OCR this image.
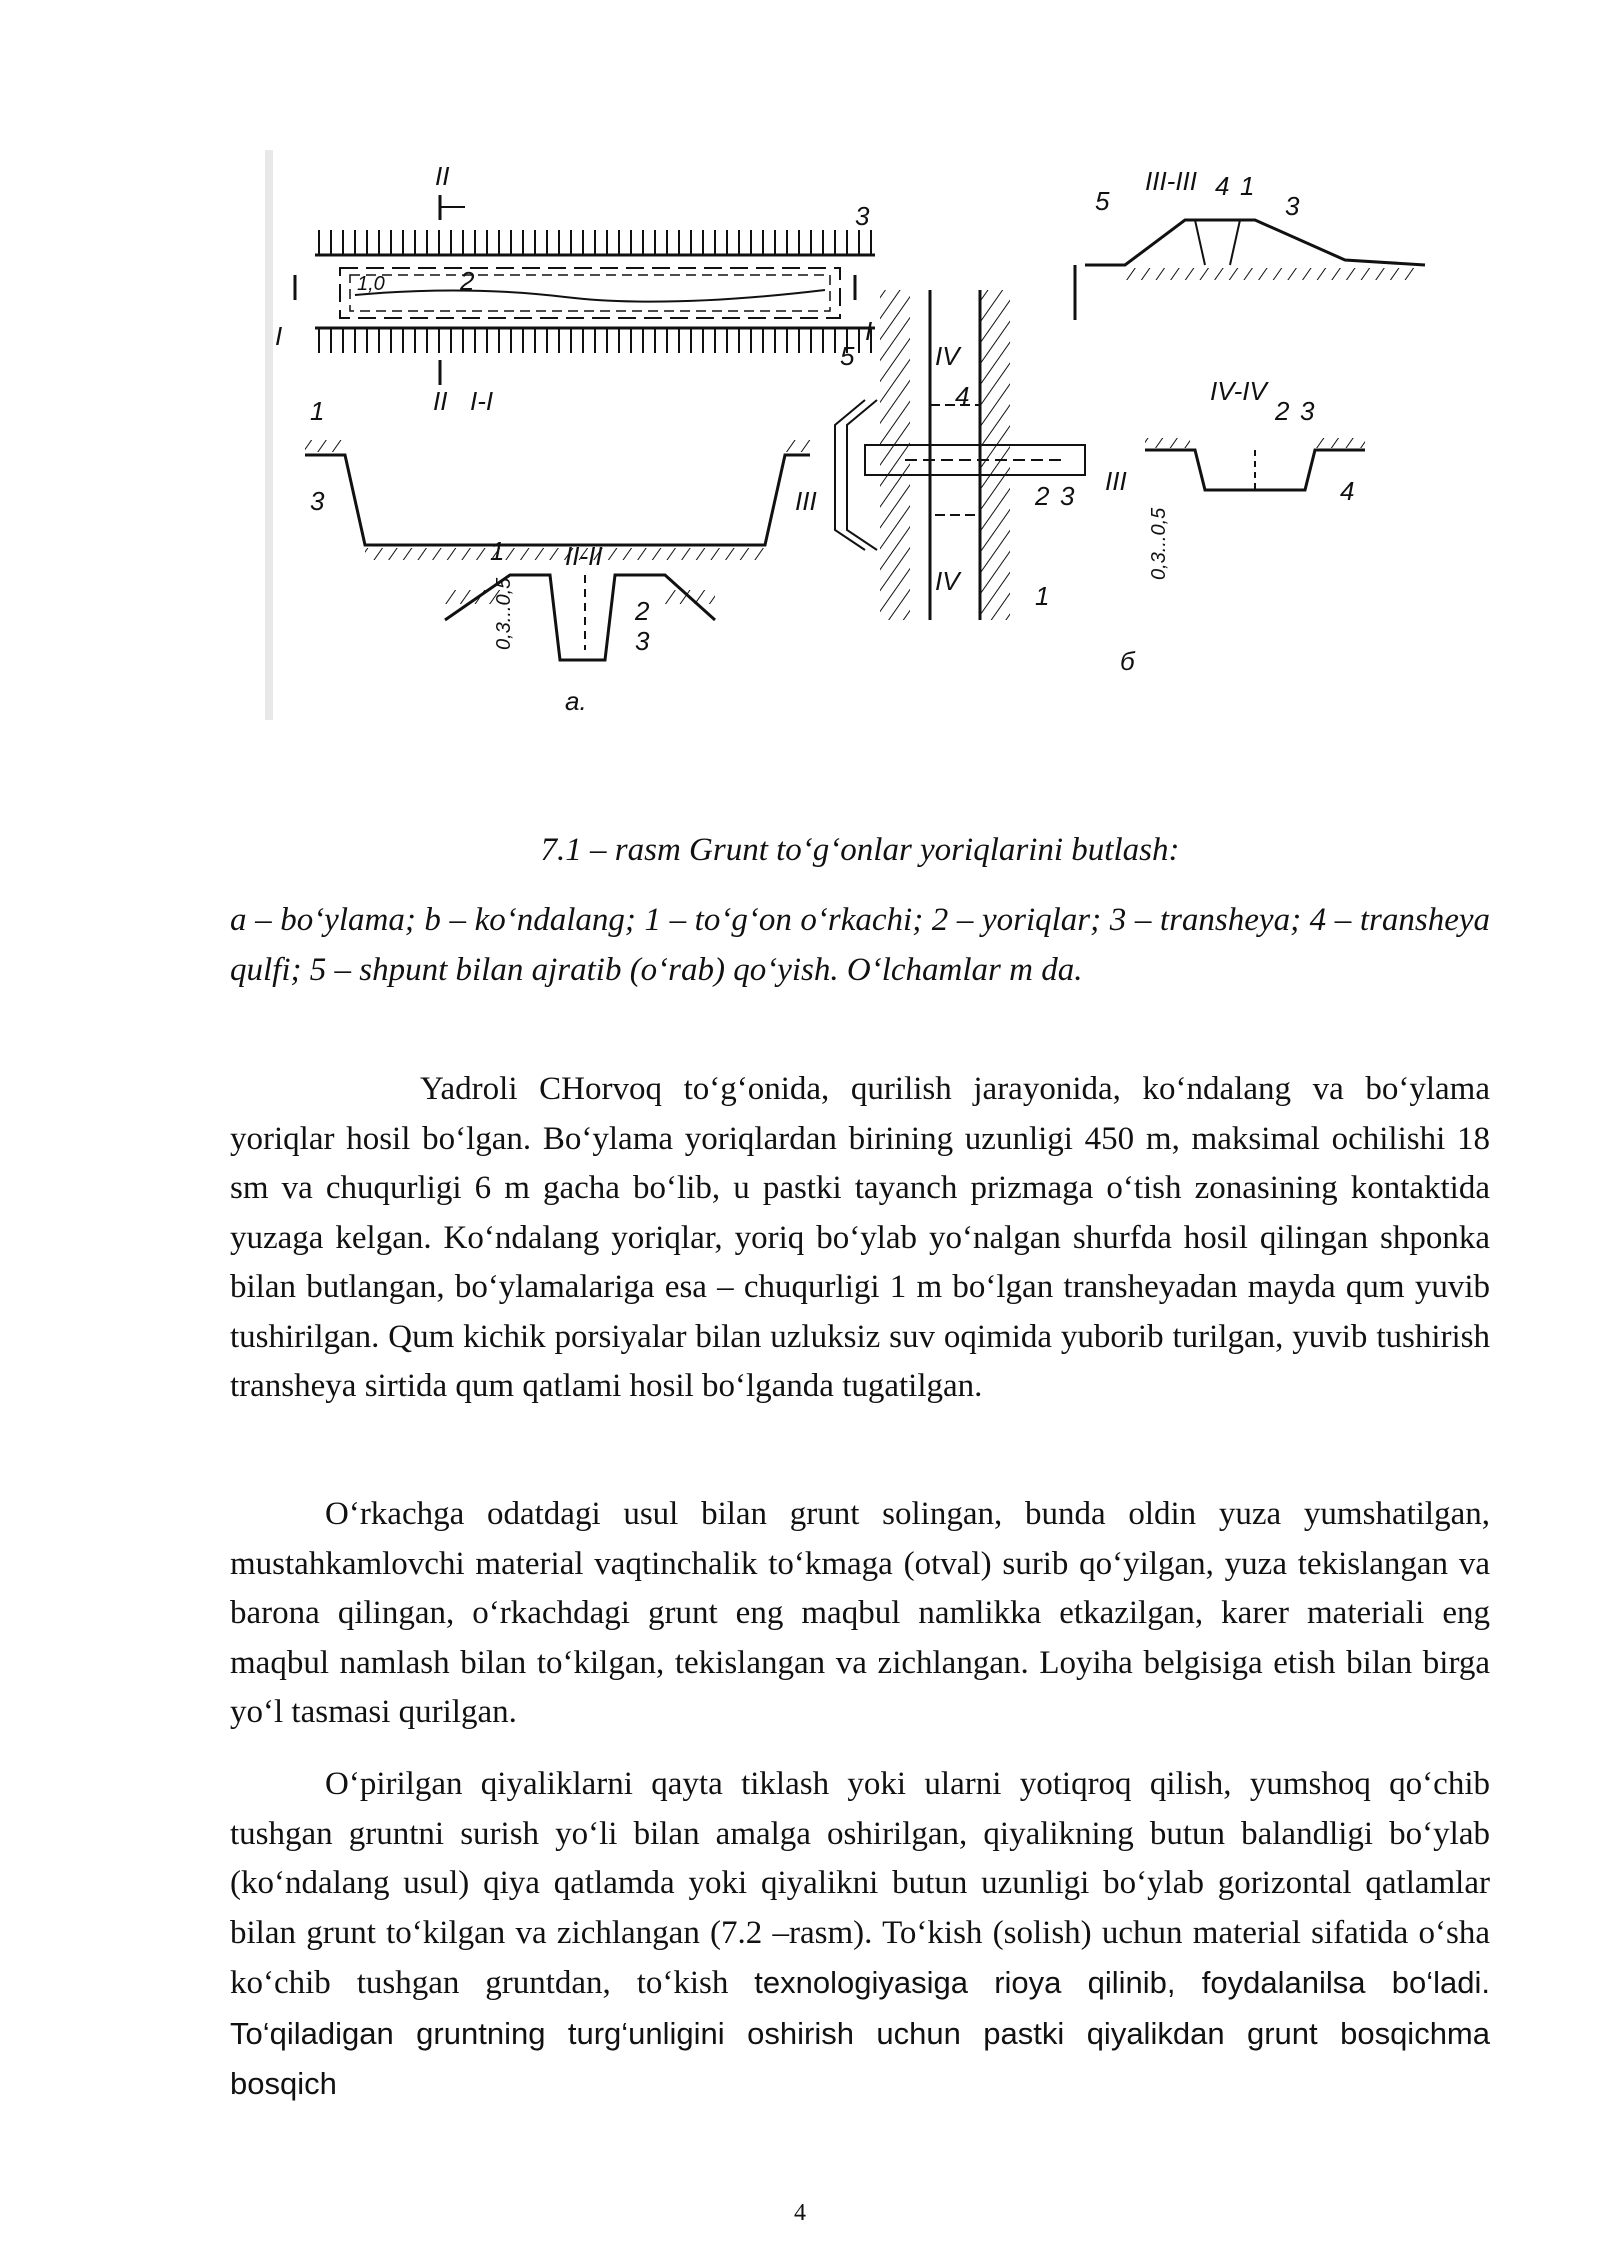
1,0	2
3
II
II I-I
I	I
1
3	III
II-II
0,3...0,5
1
2
3
a.
5	IV
4
2 3 III
IV	1
III-III
5	4 1
3
IV-IV
2 3
4
0,3...0,5
б
7.1 – rasm Grunt to‘g‘onlar yoriqlarini butlash:
a – bo‘ylama; b – ko‘ndalang; 1 – to‘g‘on o‘rkachi; 2 – yoriqlar; 3 – transheya; 4 – transheya qulfi; 5 – shpunt bilan ajratib (o‘rab) qo‘yish. O‘lchamlar m da.
Yadroli CHorvoq to‘g‘onida, qurilish jarayonida, ko‘ndalang va bo‘ylama yoriqlar hosil bo‘lgan. Bo‘ylama yoriqlardan birining uzunligi 450 m, maksimal ochilishi 18 sm va chuqurligi 6 m gacha bo‘lib, u pastki tayanch prizmaga o‘tish zonasining kontaktida yuzaga kelgan. Ko‘ndalang yoriqlar, yoriq bo‘ylab yo‘nalgan shurfda hosil qilingan shponka bilan butlangan, bo‘ylamalariga esa – chuqurligi 1 m bo‘lgan transheyadan mayda qum yuvib tushirilgan. Qum kichik porsiyalar bilan uzluksiz suv oqimida yuborib turilgan, yuvib tushirish transheya sirtida qum qatlami hosil bo‘lganda tugatilgan.
O‘rkachga odatdagi usul bilan grunt solingan, bunda oldin yuza yumshatilgan, mustahkamlovchi material vaqtinchalik to‘kmaga (otval) surib qo‘yilgan, yuza tekislangan va barona qilingan, o‘rkachdagi grunt eng maqbul namlikka etkazilgan, karer materiali eng maqbul namlash bilan to‘kilgan, tekislangan va zichlangan. Loyiha belgisiga etish bilan birga yo‘l tasmasi qurilgan.
O‘pirilgan qiyaliklarni qayta tiklash yoki ularni yotiqroq qilish, yumshoq qo‘chib tushgan gruntni surish yo‘li bilan amalga oshirilgan, qiyalikning butun balandligi bo‘ylab (ko‘ndalang usul) qiya qatlamda yoki qiyalikni butun uzunligi bo‘ylab gorizontal qatlamlar bilan grunt to‘kilgan va zichlangan (7.2 –rasm). To‘kish (solish) uchun material sifatida o‘sha ko‘chib tushgan gruntdan, to‘kish texnologiyasiga rioya qilinib, foydalanilsa bo‘ladi. To‘qiladigan gruntning turg‘unligini oshirish uchun pastki qiyalikdan grunt bosqichma bosqich
4
